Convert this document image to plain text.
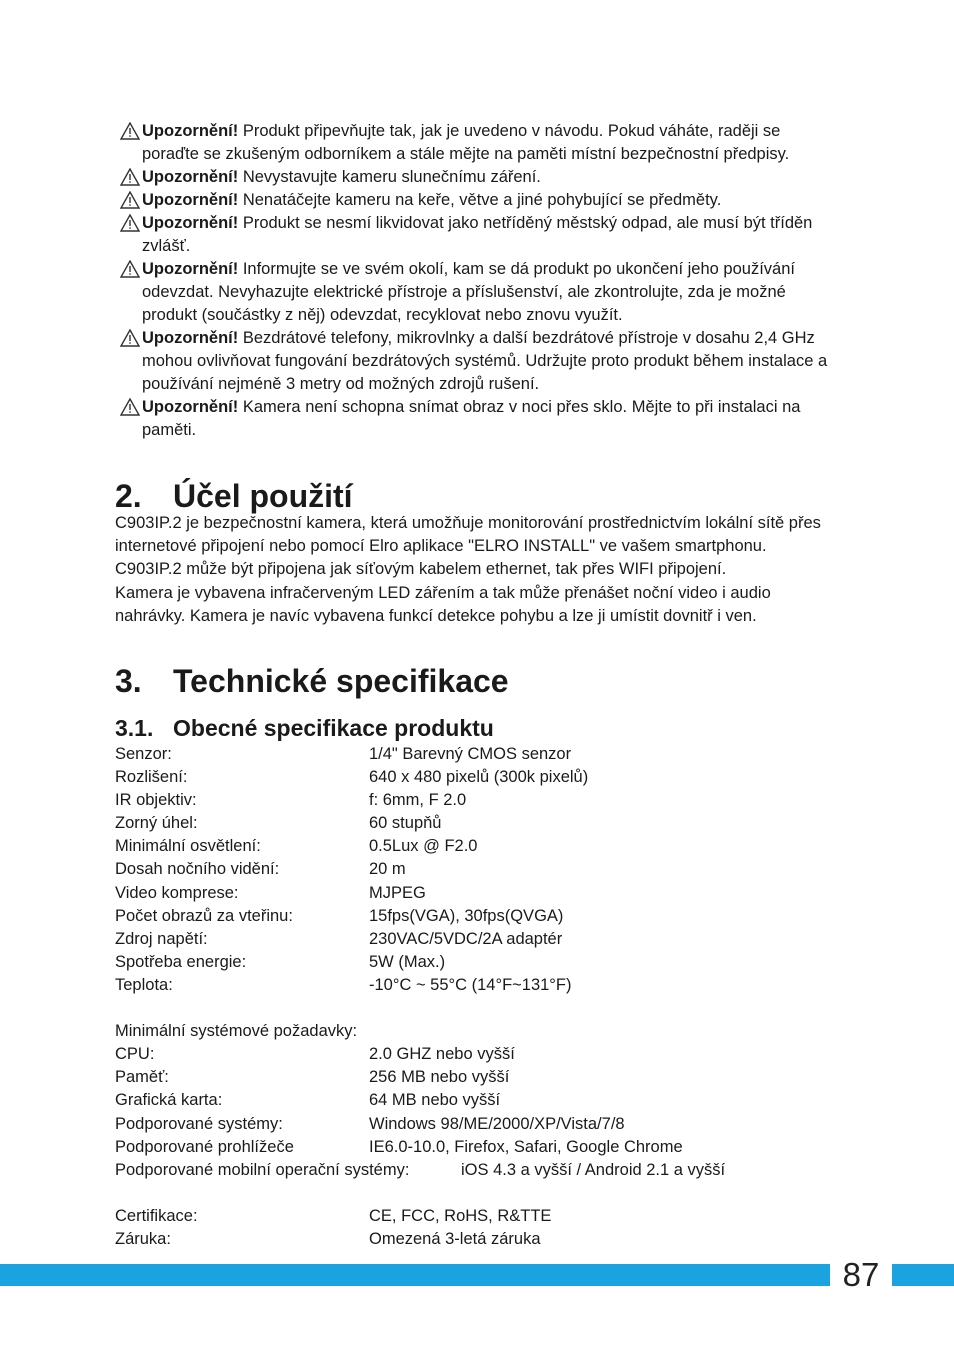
Upozornění! Produkt připevňujte tak, jak je uvedeno v návodu. Pokud váháte, raději se poraďte se zkušeným odborníkem a stále mějte na paměti místní bezpečnostní předpisy.
Upozornění! Nevystavujte kameru slunečnímu záření.
Upozornění! Nenatáčejte kameru na keře, větve a jiné pohybující se předměty.
Upozornění! Produkt se nesmí likvidovat jako netříděný městský odpad, ale musí být tříděn zvlášť.
Upozornění! Informujte se ve svém okolí, kam se dá produkt po ukončení jeho používání odevzdat. Nevyhazujte elektrické přístroje a příslušenství, ale zkontrolujte, zda je možné produkt (součástky z něj) odevzdat, recyklovat nebo znovu využít.
Upozornění! Bezdrátové telefony, mikrovlnky a další bezdrátové přístroje v dosahu 2,4 GHz mohou ovlivňovat fungování bezdrátových systémů. Udržujte proto produkt během instalace a používání nejméně 3 metry od možných zdrojů rušení.
Upozornění! Kamera není schopna snímat obraz v noci přes sklo. Mějte to při instalaci na paměti.
2. Účel použití

C903IP.2 je bezpečnostní kamera, která umožňuje monitorování prostřednictvím lokální sítě přes internetové připojení nebo pomocí Elro aplikace "ELRO INSTALL" ve vašem smartphonu. C903IP.2 může být připojena jak síťovým kabelem ethernet, tak přes WIFI připojení.

Kamera je vybavena infračerveným LED zářením a tak může přenášet noční video i audio nahrávky. Kamera je navíc vybavena funkcí detekce pohybu a lze ji umístit dovnitř i ven.

3. Technické specifikace
3.1. Obecné specifikace produktu
Senzor:	1/4" Barevný CMOS senzor
Rozlišení:	640 x 480 pixelů (300k pixelů)
IR objektiv:	f: 6mm, F 2.0
Zorný úhel:	60 stupňů
Minimální osvětlení:	0.5Lux @ F2.0
Dosah nočního vidění:	20 m
Video komprese:	MJPEG
Počet obrazů za vteřinu:	15fps(VGA), 30fps(QVGA)
Zdroj napětí:	230VAC/5VDC/2A adaptér
Spotřeba energie:	5W (Max.)
Teplota:	-10°C ~ 55°C (14°F~131°F)
Minimální systémové požadavky:
CPU:	2.0 GHZ nebo vyšší
Paměť:	256 MB nebo vyšší
Grafická karta:	64 MB nebo vyšší
Podporované systémy:	Windows 98/ME/2000/XP/Vista/7/8
Podporované prohlížeče	IE6.0-10.0, Firefox, Safari, Google Chrome
Podporované mobilní operační systémy:	iOS 4.3 a vyšší / Android 2.1 a vyšší
Certifikace:	CE, FCC, RoHS, R&TTE
Záruka:	Omezená 3-letá záruka
87
